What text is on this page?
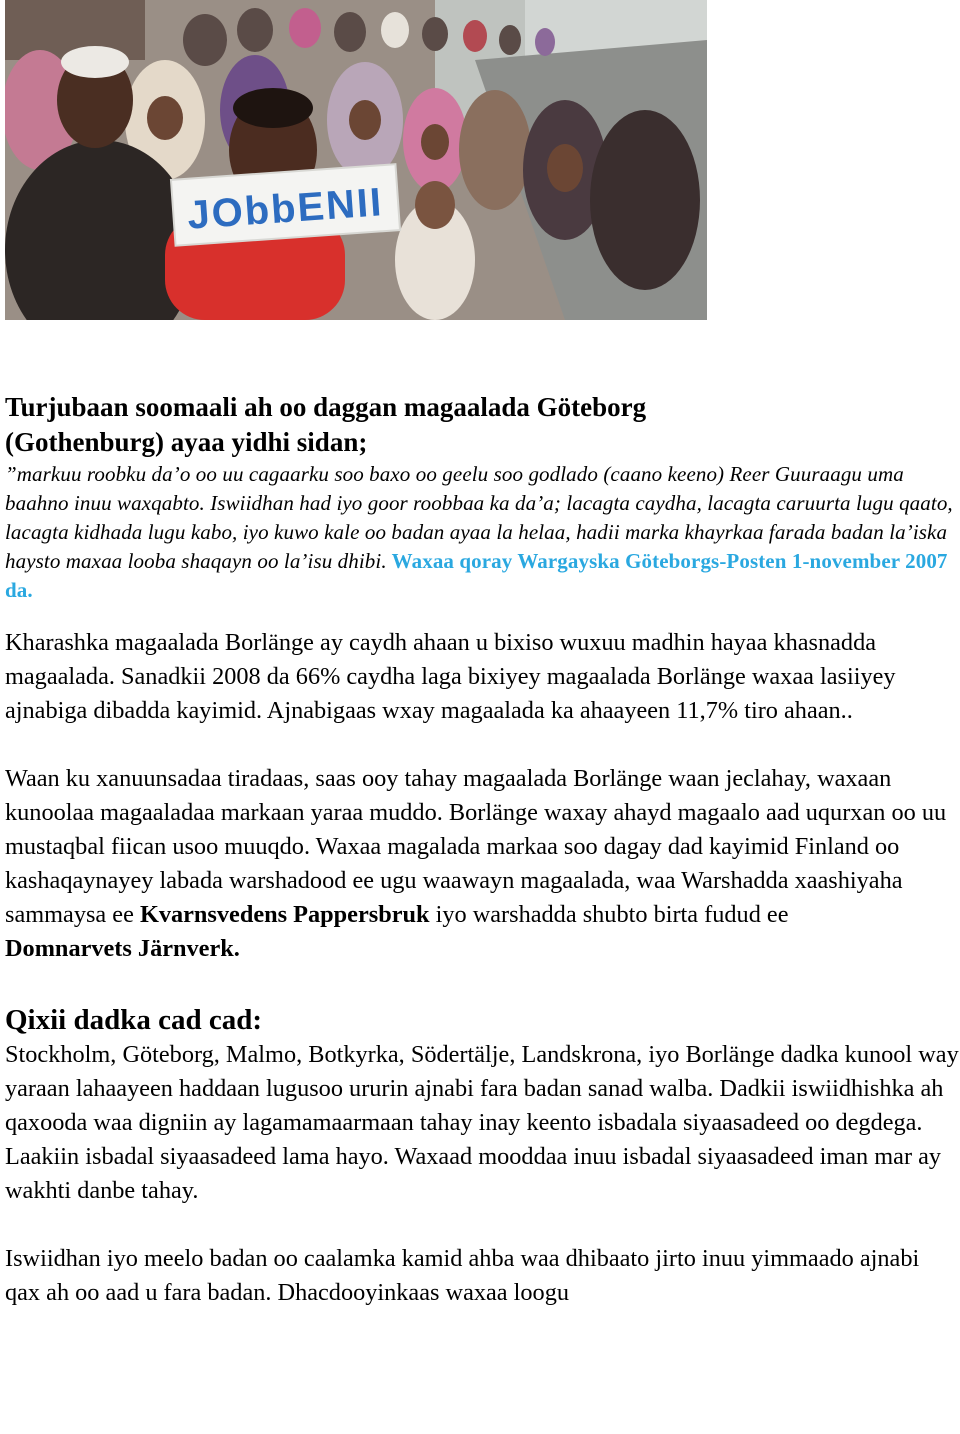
JObbENII
Turjubaan soomaali ah oo daggan magaalada Göteborg
(Gothenburg) ayaa yidhi sidan;

”markuu roobku da’o oo uu cagaarku soo baxo oo geelu soo godlado (caano keeno) Reer Guuraagu uma baahno inuu waxqabto. Iswiidhan had iyo goor roobbaa ka da’a; lacagta caydha, lacagta caruurta lugu qaato, lacagta kidhada lugu kabo, iyo kuwo kale oo badan ayaa la helaa, hadii marka khayrkaa farada badan la’iska haysto maxaa looba shaqayn oo la’isu dhibi. Waxaa qoray Wargayska Göteborgs-Posten 1-november 2007 da.

Kharashka magaalada Borlänge ay caydh ahaan u bixiso wuxuu madhin hayaa khasnadda magaalada. Sanadkii 2008 da 66% caydha laga bixiyey magaalada Borlänge waxaa lasiiyey ajnabiga dibadda kayimid. Ajnabigaas wxay magaalada ka ahaayeen 11,7% tiro ahaan..

Waan ku xanuunsadaa tiradaas, saas ooy tahay magaalada Borlänge waan jeclahay, waxaan kunoolaa magaaladaa markaan yaraa muddo. Borlänge waxay ahayd magaalo aad uqurxan oo uu mustaqbal fiican usoo muuqdo. Waxaa magalada markaa soo dagay dad kayimid Finland oo kashaqaynayey labada warshadood ee ugu waawayn magaalada, waa Warshadda xaashiyaha sammaysa ee Kvarnsvedens Pappersbruk iyo warshadda shubto birta fudud ee
Domnarvets Järnverk.

Qixii dadka cad cad:

Stockholm, Göteborg, Malmo, Botkyrka, Södertälje, Landskrona, iyo Borlänge dadka kunool way yaraan lahaayeen haddaan lugusoo ururin ajnabi fara badan sanad walba. Dadkii iswiidhishka ah qaxooda waa digniin ay lagamamaarmaan tahay inay keento isbadala siyaasadeed oo degdega. Laakiin isbadal siyaasadeed lama hayo. Waxaad mooddaa inuu isbadal siyaasadeed iman mar ay wakhti danbe tahay.

Iswiidhan iyo meelo badan oo caalamka kamid ahba waa dhibaato jirto inuu yimmaado ajnabi qax ah oo aad u fara badan. Dhacdooyinkaas waxaa loogu
